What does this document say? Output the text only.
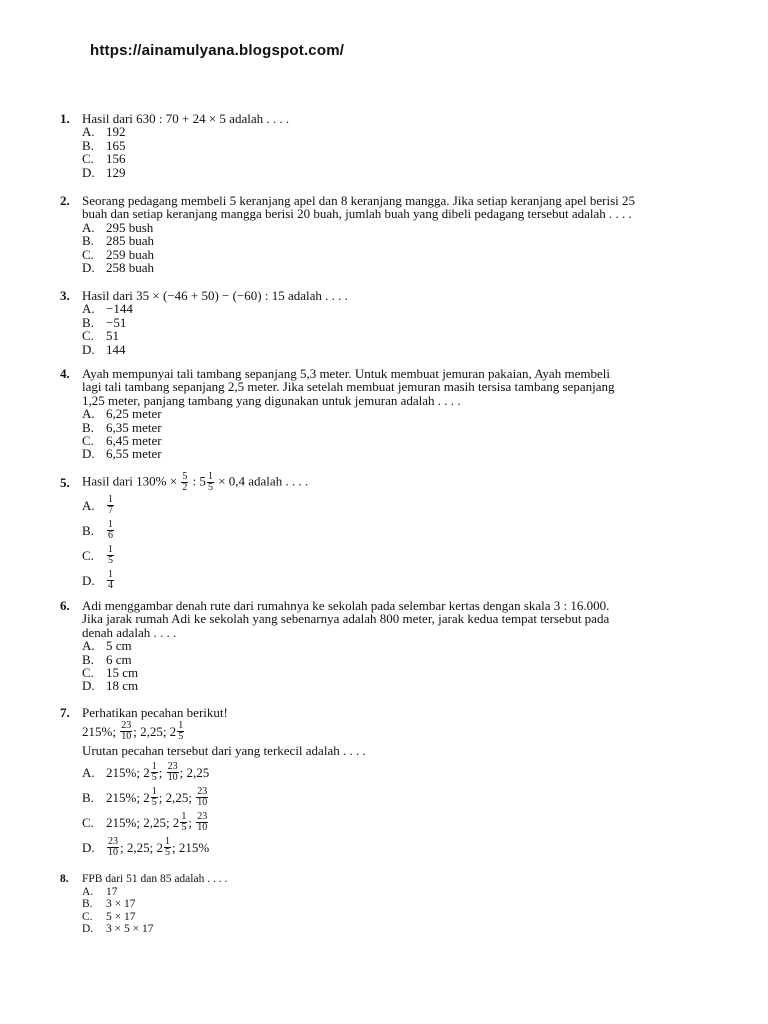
https://ainamulyana.blogspot.com/
1. Hasil dari 630 : 70 + 24 × 5 adalah . . . .
A. 192
B. 165
C. 156
D. 129
2. Seorang pedagang membeli 5 keranjang apel dan 8 keranjang mangga. Jika setiap keranjang apel berisi 25
buah dan setiap keranjang mangga berisi 20 buah, jumlah buah yang dibeli pedagang tersebut adalah . . . .
A. 295 bush
B. 285 buah
C. 259 buah
D. 258 buah
3. Hasil dari 35 × (−46 + 50) − (−60) : 15 adalah . . . .
A. −144
B. −51
C. 51
D. 144
4. Ayah mempunyai tali tambang sepanjang 5,3 meter. Untuk membuat jemuran pakaian, Ayah membeli
lagi tali tambang sepanjang 2,5 meter. Jika setelah membuat jemuran masih tersisa tambang sepanjang
1,25 meter, panjang tambang yang digunakan untuk jemuran adalah . . . .
A. 6,25 meter
B. 6,35 meter
C. 6,45 meter
D. 6,55 meter
5. Hasil dari $130\% \times \frac{5}{2}$ : $5 \frac{1}{5} \times 0,4$ adalah . . . .
A.	$\frac{1}{7}$
B.	$\frac{1}{6}$
C.	$\frac{1}{5}$
D.	$\frac{1}{4}$
6. Adi menggambar denah rute dari rumahnya ke sekolah pada selembar kertas dengan skala 3 : 16.000.
Jika jarak rumah Adi ke sekolah yang sebenarnya adalah 800 meter, jarak kedua tempat tersebut pada
denah adalah . . . .
A. 5 cm
B. 6 cm
C. 15 cm
D. 18 cm
7. Perhatikan pecahan berikut!
215%;
$\frac{23}{10}$ ; 2,25; $2 \frac{1}{5}$
Urutan pecahan tersebut dari yang terkecil adalah . . . .
A. 215%; $2 \frac{1}{5}$ ;
$\frac{23}{10}$ ; 2,25
B. 215%; $2 \frac{1}{5}$ ; 2,25;
$\frac{23}{10}$
C. 215%; 2,25; $2 \frac{1}{5}$ ;
$\frac{23}{10}$
D.	$\frac{23}{10}$ ; 2,25; $2 \frac{1}{5}$ ; 215%
8.	FPB dari 51 dan 85 adalah . . . .
A.	17
B.	3 × 17
C.	5 × 17
D.	3 × 5 × 17
